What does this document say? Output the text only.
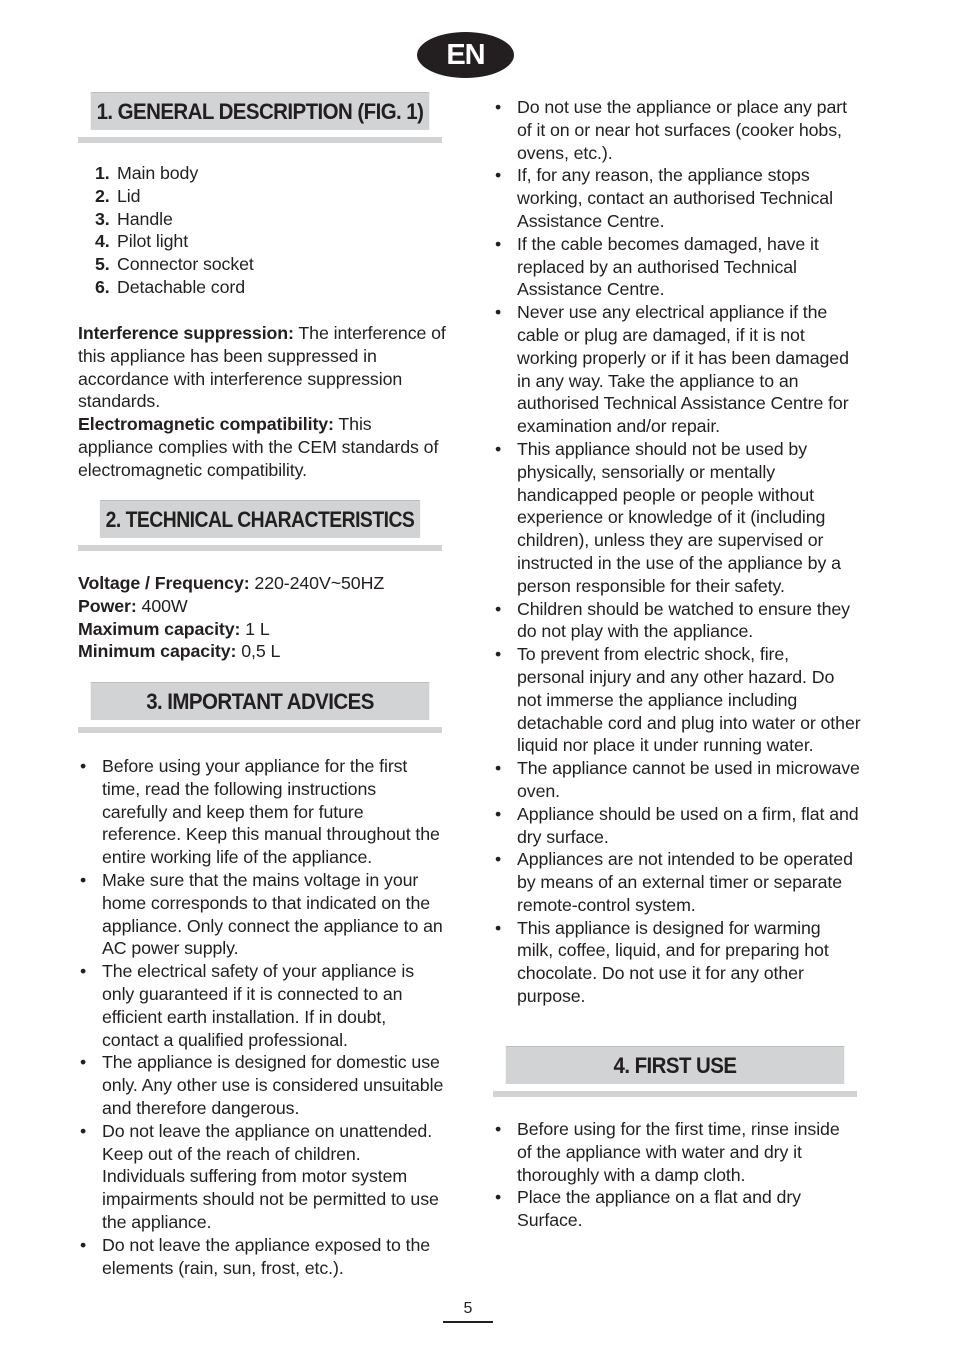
EN
1. GENERAL DESCRIPTION (FIG. 1)
1. Main body
2. Lid
3. Handle
4. Pilot light
5. Connector socket
6. Detachable cord
Interference suppression: The interference of this appliance has been suppressed in accordance with interference suppression standards.
Electromagnetic compatibility: This appliance complies with the CEM standards of electromagnetic compatibility.
2. TECHNICAL CHARACTERISTICS
Voltage / Frequency: 220-240V~50HZ
Power: 400W
Maximum capacity: 1 L
Minimum capacity: 0,5 L
3. IMPORTANT ADVICES
• Before using your appliance for the first time, read the following instructions carefully and keep them for future reference. Keep this manual throughout the entire working life of the appliance.
• Make sure that the mains voltage in your home corresponds to that indicated on the appliance. Only connect the appliance to an AC power supply.
• The electrical safety of your appliance is only guaranteed if it is connected to an efficient earth installation. If in doubt, contact a qualified professional.
• The appliance is designed for domestic use only. Any other use is considered unsuitable and therefore dangerous.
• Do not leave the appliance on unattended. Keep out of the reach of children. Individuals suffering from motor system impairments should not be permitted to use the appliance.
• Do not leave the appliance exposed to the elements (rain, sun, frost, etc.).
• Do not use the appliance or place any part of it on or near hot surfaces (cooker hobs, ovens, etc.).
• If, for any reason, the appliance stops working, contact an authorised Technical Assistance Centre.
• If the cable becomes damaged, have it replaced by an authorised Technical Assistance Centre.
• Never use any electrical appliance if the cable or plug are damaged, if it is not working properly or if it has been damaged in any way. Take the appliance to an authorised Technical Assistance Centre for examination and/or repair.
• This appliance should not be used by physically, sensorially or mentally handicapped people or people without experience or knowledge of it (including children), unless they are supervised or instructed in the use of the appliance by a person responsible for their safety.
• Children should be watched to ensure they do not play with the appliance.
• To prevent from electric shock, fire, personal injury and any other hazard. Do not immerse the appliance including detachable cord and plug into water or other liquid nor place it under running water.
• The appliance cannot be used in microwave oven.
• Appliance should be used on a firm, flat and dry surface.
• Appliances are not intended to be operated by means of an external timer or separate remote-control system.
• This appliance is designed for warming milk, coffee, liquid, and for preparing hot chocolate. Do not use it for any other purpose.
4. FIRST USE
• Before using for the first time, rinse inside of the appliance with water and dry it thoroughly with a damp cloth.
• Place the appliance on a flat and dry Surface.
5
